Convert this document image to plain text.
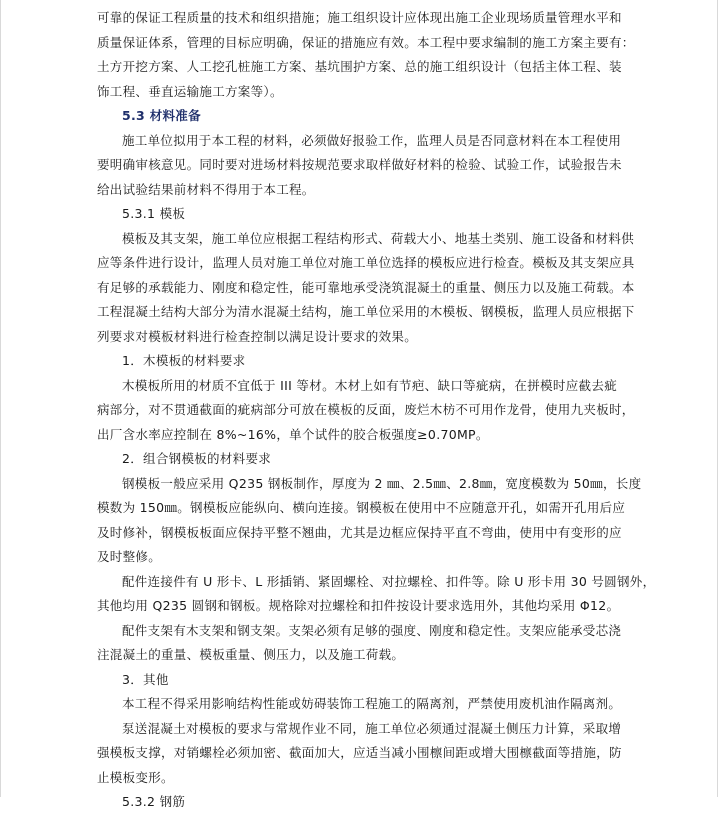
可靠的保证工程质量的技术和组织措施；施工组织设计应体现出施工企业现场质量管理水平和
质量保证体系，管理的目标应明确，保证的措施应有效。本工程中要求编制的施工方案主要有：
土方开挖方案、人工挖孔桩施工方案、基坑围护方案、总的施工组织设计（包括主体工程、装
饰工程、垂直运输施工方案等）。
5.3 材料准备
施工单位拟用于本工程的材料，必须做好报验工作，监理人员是否同意材料在本工程使用
要明确审核意见。同时要对进场材料按规范要求取样做好材料的检验、试验工作，试验报告未
给出试验结果前材料不得用于本工程。
5.3.1 模板
模板及其支架，施工单位应根据工程结构形式、荷载大小、地基土类别、施工设备和材料供
应等条件进行设计，监理人员对施工单位对施工单位选择的模板应进行检查。模板及其支架应具
有足够的承载能力、刚度和稳定性，能可靠地承受浇筑混凝土的重量、侧压力以及施工荷载。本
工程混凝土结构大部分为清水混凝土结构，施工单位采用的木模板、钢模板，监理人员应根据下
列要求对模板材料进行检查控制以满足设计要求的效果。
1．木模板的材料要求
木模板所用的材质不宜低于 III 等材。木材上如有节疤、缺口等疵病，在拼模时应截去疵
病部分，对不贯通截面的疵病部分可放在模板的反面，废烂木枋不可用作龙骨，使用九夹板时，
出厂含水率应控制在 8%~16%，单个试件的胶合板强度≥0.70MP。
2．组合钢模板的材料要求
钢模板一般应采用 Q235 钢板制作，厚度为 2 ㎜、2.5㎜、2.8㎜，宽度模数为 50㎜，长度
模数为 150㎜。钢模板应能纵向、横向连接。钢模板在使用中不应随意开孔，如需开孔用后应
及时修补，钢模板板面应保持平整不翘曲，尤其是边框应保持平直不弯曲，使用中有变形的应
及时整修。
配件连接件有 U 形卡、L 形插销、紧固螺栓、对拉螺栓、扣件等。除 U 形卡用 30 号圆钢外，
其他均用 Q235 圆钢和钢板。规格除对拉螺栓和扣件按设计要求选用外，其他均采用 Φ12。
配件支架有木支架和钢支架。支架必须有足够的强度、刚度和稳定性。支架应能承受芯浇
注混凝土的重量、模板重量、侧压力，以及施工荷载。
3．其他
本工程不得采用影响结构性能或妨碍装饰工程施工的隔离剂，严禁使用废机油作隔离剂。
泵送混凝土对模板的要求与常规作业不同，施工单位必须通过混凝土侧压力计算，采取增
强模板支撑，对销螺栓必须加密、截面加大，应适当减小围檩间距或增大围檩截面等措施，防
止模板变形。
5.3.2 钢筋
